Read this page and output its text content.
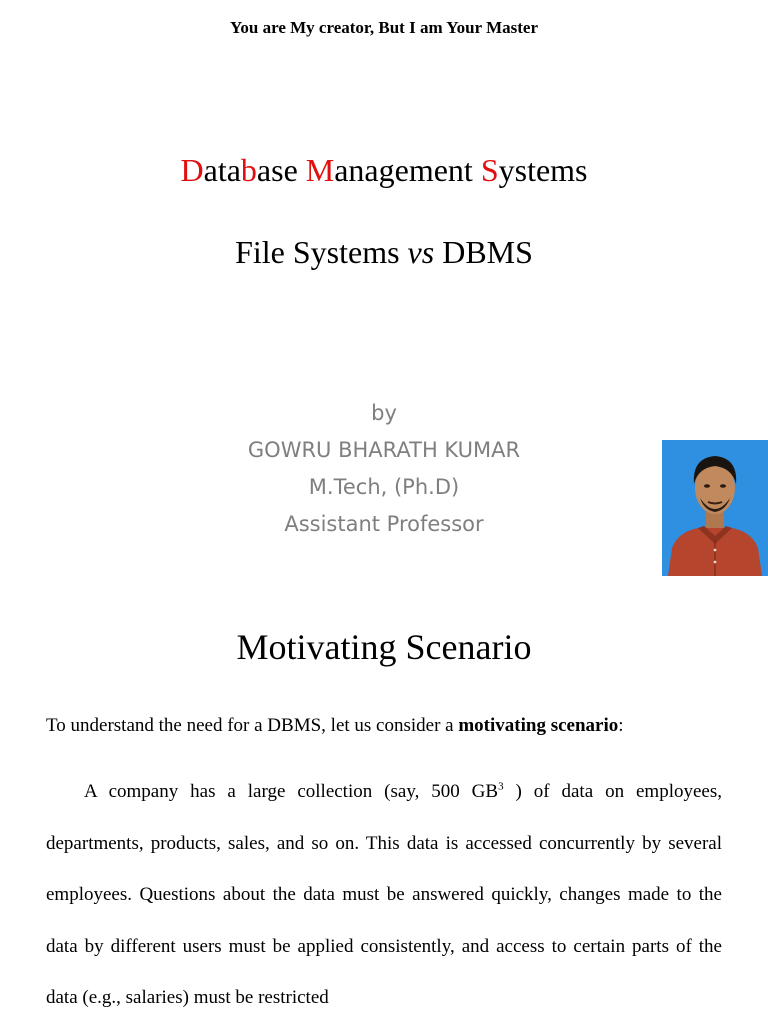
You are My creator, But I am Your Master
Database Management Systems
File Systems vs DBMS
by
GOWRU BHARATH KUMAR
M.Tech, (Ph.D)
Assistant Professor
Motivating Scenario
To understand the need for a DBMS, let us consider a motivating scenario:
A company has a large collection (say, 500 $GB^3$ ) of data on employees, departments, products, sales, and so on. This data is accessed concurrently by several employees. Questions about the data must be answered quickly, changes made to the data by different users must be applied consistently, and access to certain parts of the data (e.g., salaries) must be restricted
